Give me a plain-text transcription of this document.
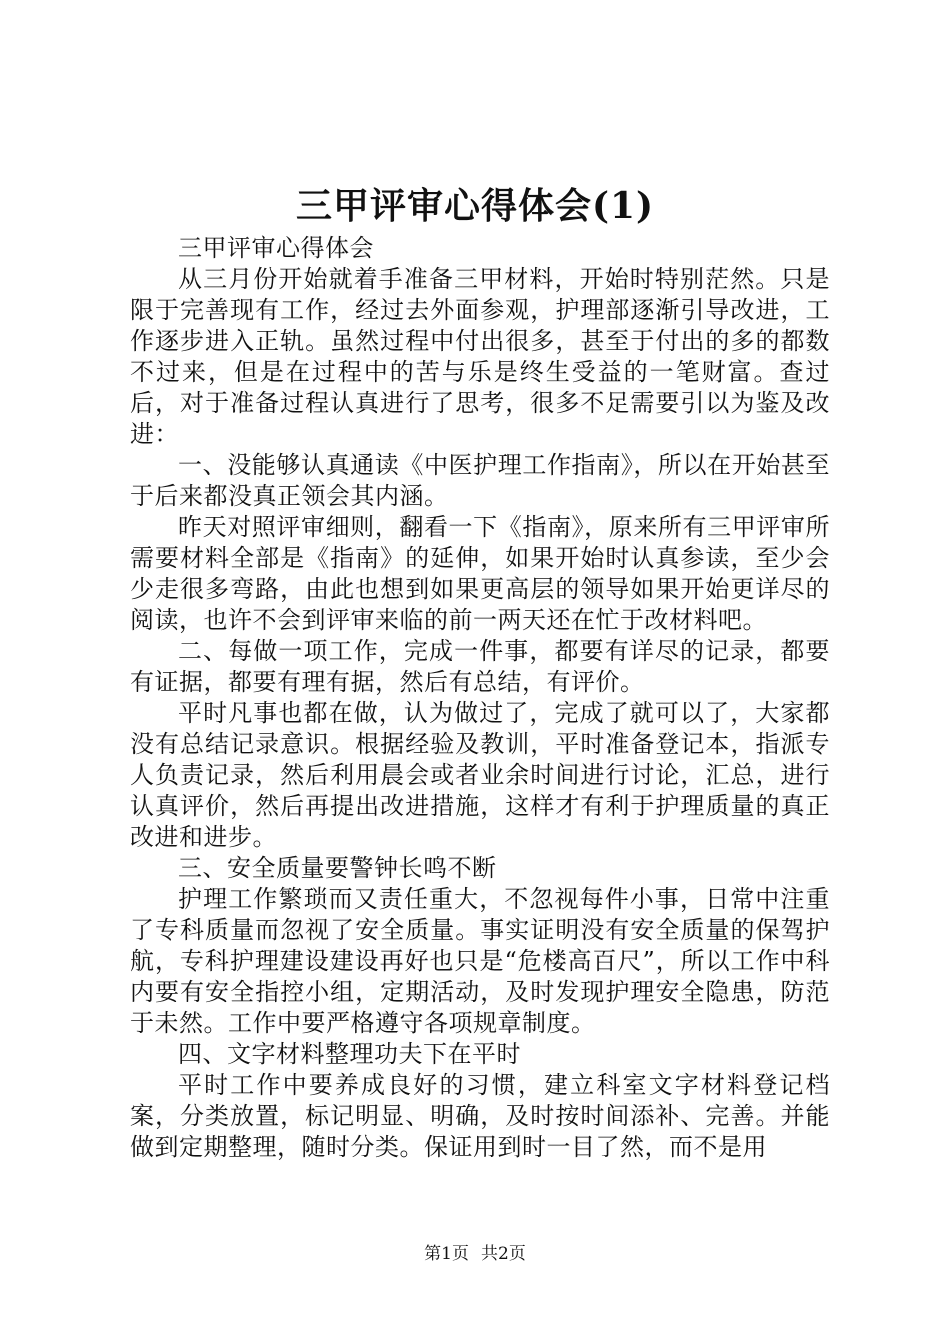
三甲评审心得体会(1)

三甲评审心得体会

从三月份开始就着手准备三甲材料，开始时特别茫然。只是限于完善现有工作，经过去外面参观，护理部逐渐引导改进，工作逐步进入正轨。虽然过程中付出很多，甚至于付出的多的都数不过来，但是在过程中的苦与乐是终生受益的一笔财富。查过后，对于准备过程认真进行了思考，很多不足需要引以为鉴及改进：

一、没能够认真通读《中医护理工作指南》，所以在开始甚至于后来都没真正领会其内涵。

昨天对照评审细则，翻看一下《指南》，原来所有三甲评审所需要材料全部是《指南》的延伸，如果开始时认真参读，至少会少走很多弯路，由此也想到如果更高层的领导如果开始更详尽的阅读，也许不会到评审来临的前一两天还在忙于改材料吧。

二、每做一项工作，完成一件事，都要有详尽的记录，都要有证据，都要有理有据，然后有总结，有评价。

平时凡事也都在做，认为做过了，完成了就可以了，大家都没有总结记录意识。根据经验及教训，平时准备登记本，指派专人负责记录，然后利用晨会或者业余时间进行讨论，汇总，进行认真评价，然后再提出改进措施，这样才有利于护理质量的真正改进和进步。

三、安全质量要警钟长鸣不断

护理工作繁琐而又责任重大，不忽视每件小事，日常中注重了专科质量而忽视了安全质量。事实证明没有安全质量的保驾护航，专科护理建设建设再好也只是“危楼高百尺”，所以工作中科内要有安全指控小组，定期活动，及时发现护理安全隐患，防范于未然。工作中要严格遵守各项规章制度。

四、文字材料整理功夫下在平时

平时工作中要养成良好的习惯，建立科室文字材料登记档案，分类放置，标记明显、明确，及时按时间添补、完善。并能做到定期整理，随时分类。保证用到时一目了然，而不是用

第1页 共2页
